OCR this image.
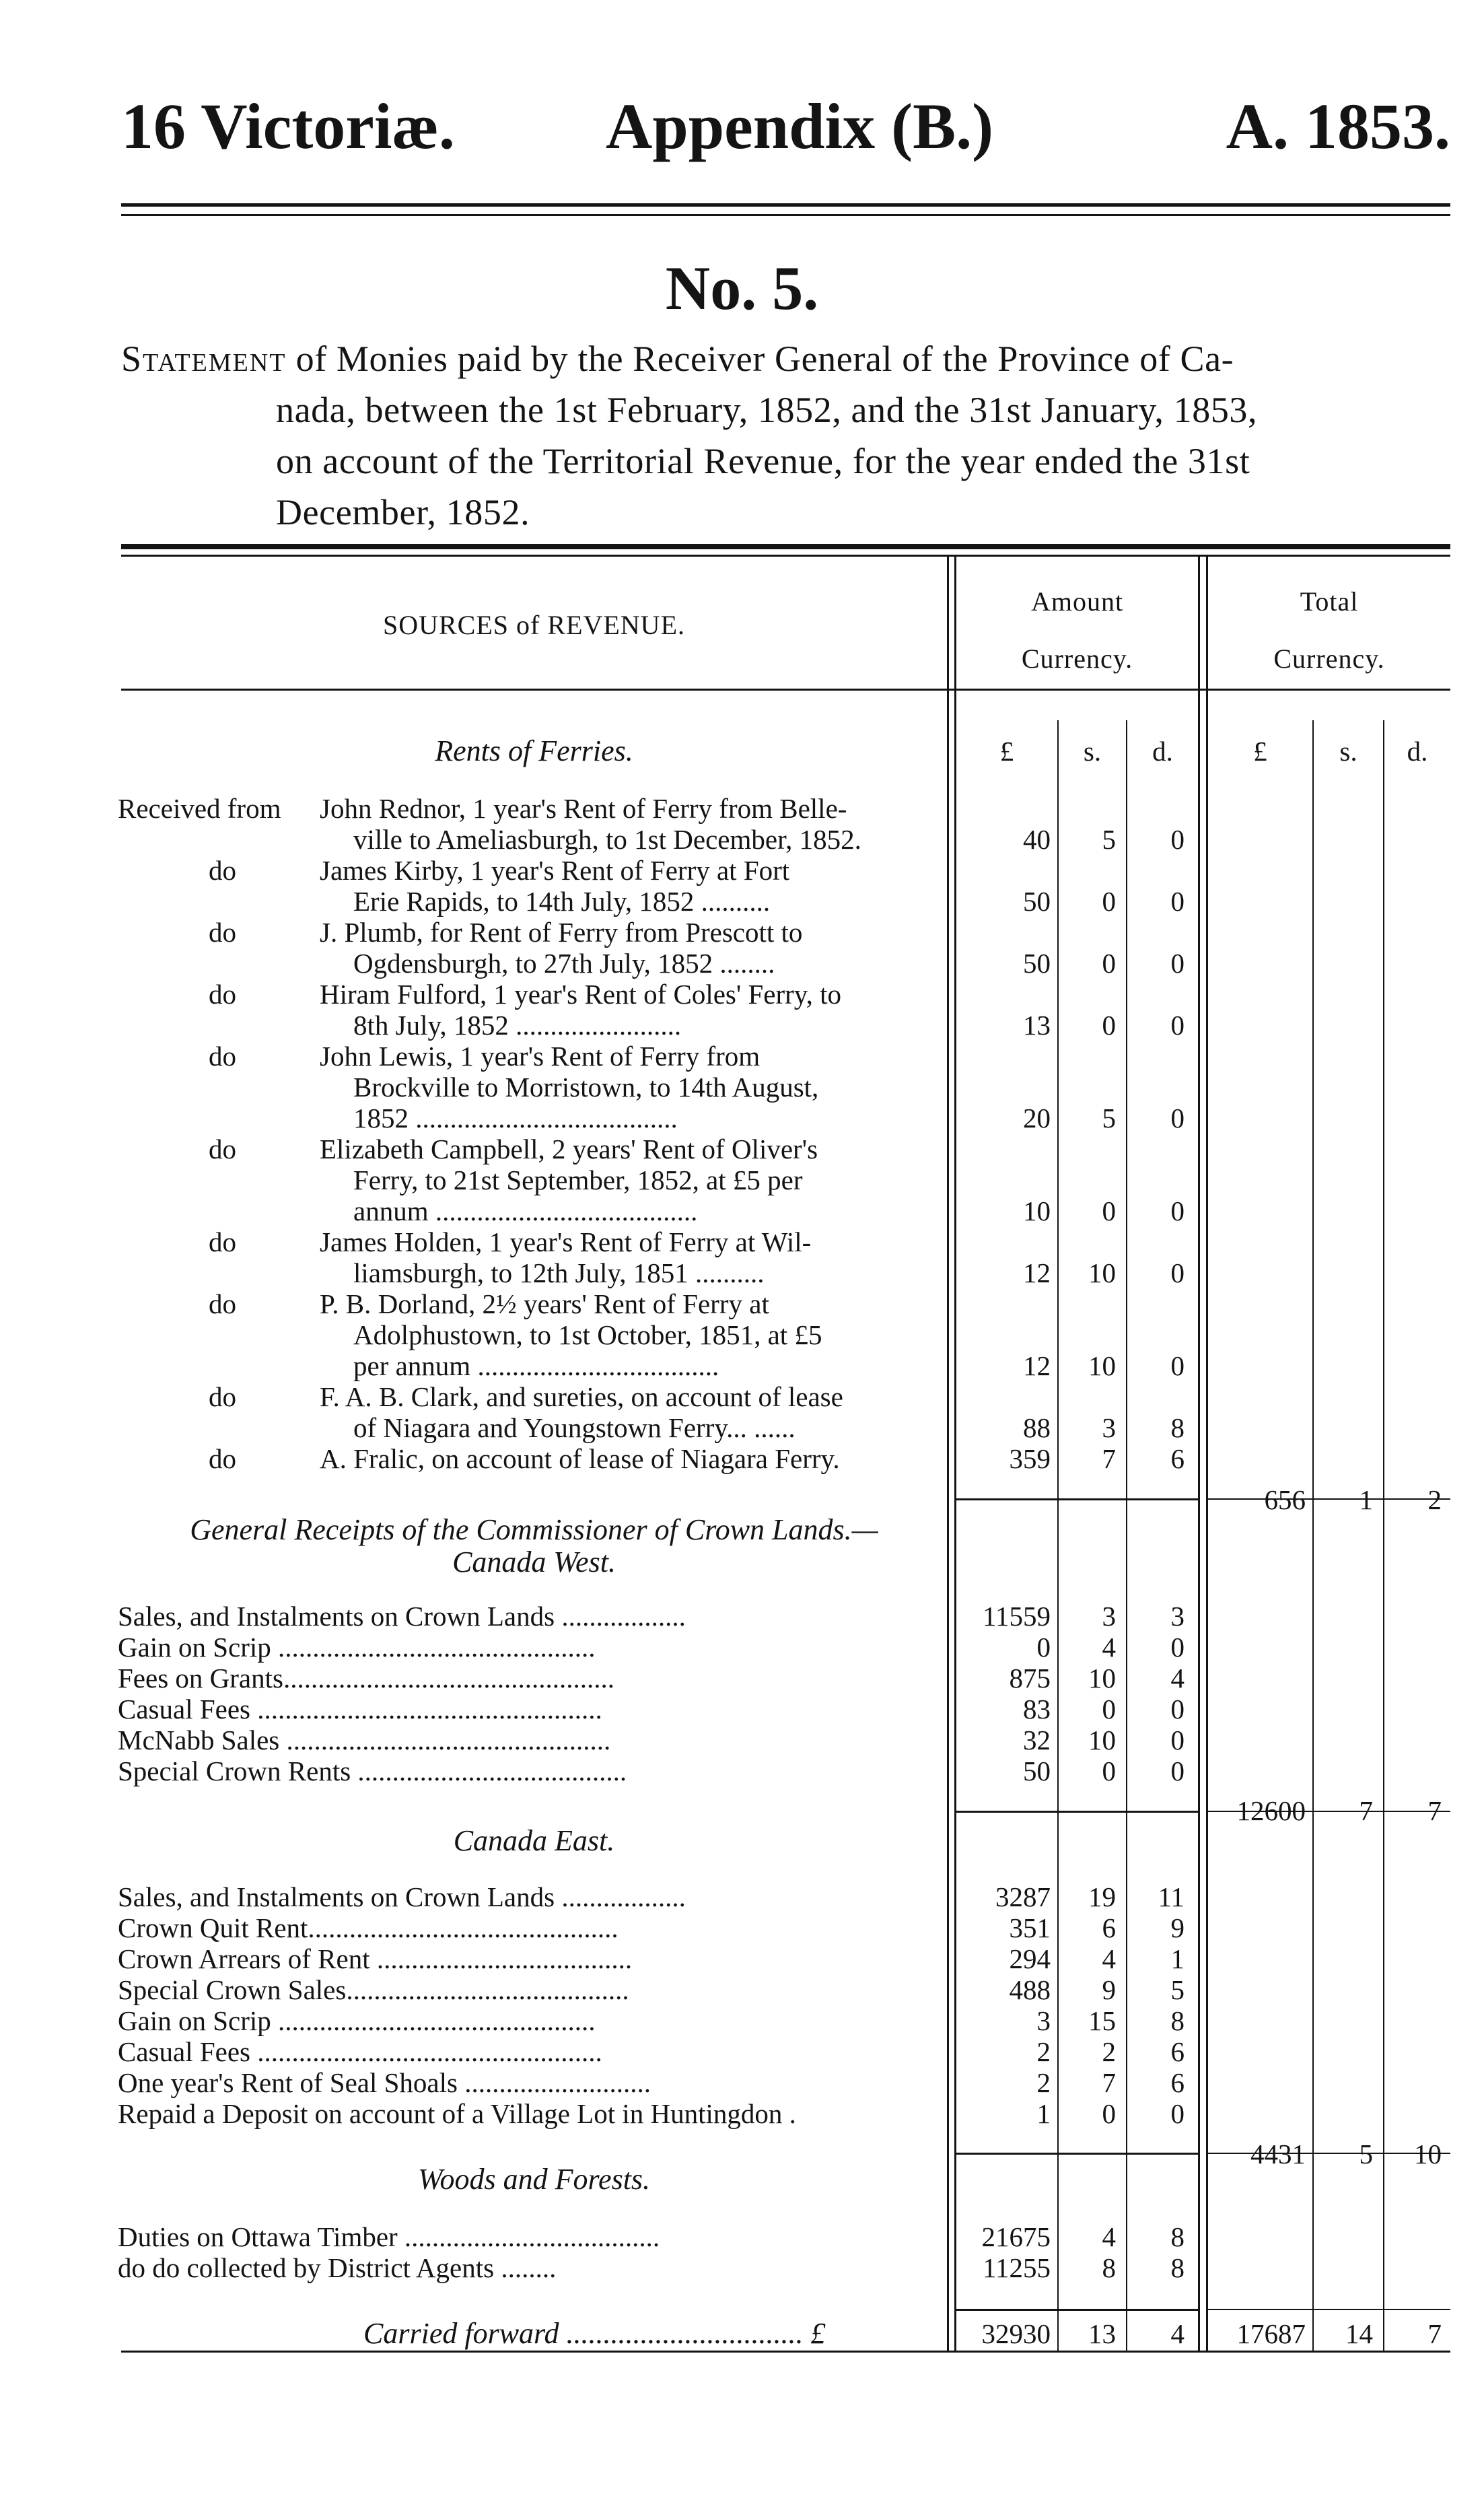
16 Victoriæ. Appendix (B.)	A. 1853.
No. 5.
Statement of Monies paid by the Receiver General of the Province of Ca-
nada, between the 1st February, 1852, and the 31st January, 1853,
on account of the Territorial Revenue, for the year ended the 31st
December, 1852.
SOURCES of REVENUE.
Amount
Currency.
Total
Currency.
£	s.	d.	£	s.	d.
Rents of Ferries.
Received from John Rednor, 1 year's Rent of Ferry from Belle-
ville to Ameliasburgh, to 1st December, 1852.	40	5	0
do	James Kirby, 1 year's Rent of Ferry at Fort
Erie Rapids, to 14th July, 1852 ..........	50	0	0
do	J. Plumb, for Rent of Ferry from Prescott to
Ogdensburgh, to 27th July, 1852 ........	50	0	0
do	Hiram Fulford, 1 year's Rent of Coles' Ferry, to
8th July, 1852 ........................	13	0	0
do	John Lewis, 1 year's Rent of Ferry from
Brockville to Morristown, to 14th August,
1852 ......................................	20	5	0
do	Elizabeth Campbell, 2 years' Rent of Oliver's
Ferry, to 21st September, 1852, at £5 per
annum ......................................	10	0	0
do	James Holden, 1 year's Rent of Ferry at Wil-
liamsburgh, to 12th July, 1851 ..........	12	10	0
do	P. B. Dorland, 2½ years' Rent of Ferry at
Adolphustown, to 1st October, 1851, at £5
per annum ...................................	12	10	0
do	F. A. B. Clark, and sureties, on account of lease
of Niagara and Youngstown Ferry... ......	88	3	8
do	A. Fralic, on account of lease of Niagara Ferry.	359	7	6
656	1	2
General Receipts of the Commissioner of Crown Lands.—
Canada West.
Sales, and Instalments on Crown Lands ..................	11559	3	3
Gain on Scrip ..............................................	0	4	0
Fees on Grants................................................	875	10	4
Casual Fees ..................................................	83	0	0
McNabb Sales ...............................................	32	10	0
Special Crown Rents .......................................	50	0	0
12600	7	7
Canada East.
Sales, and Instalments on Crown Lands ..................	3287	19	11
Crown Quit Rent.............................................	351	6	9
Crown Arrears of Rent .....................................	294	4	1
Special Crown Sales.........................................	488	9	5
Gain on Scrip ..............................................	3	15	8
Casual Fees ..................................................	2	2	6
One year's Rent of Seal Shoals ...........................	2	7	6
Repaid a Deposit on account of a Village Lot in Huntingdon .	1	0	0
4431	5	10
Woods and Forests.
Duties on Ottawa Timber .....................................	21675	4	8
do do collected by District Agents ........	11255	8	8
Carried forward ................................ £	32930	13	4	17687	14	7
